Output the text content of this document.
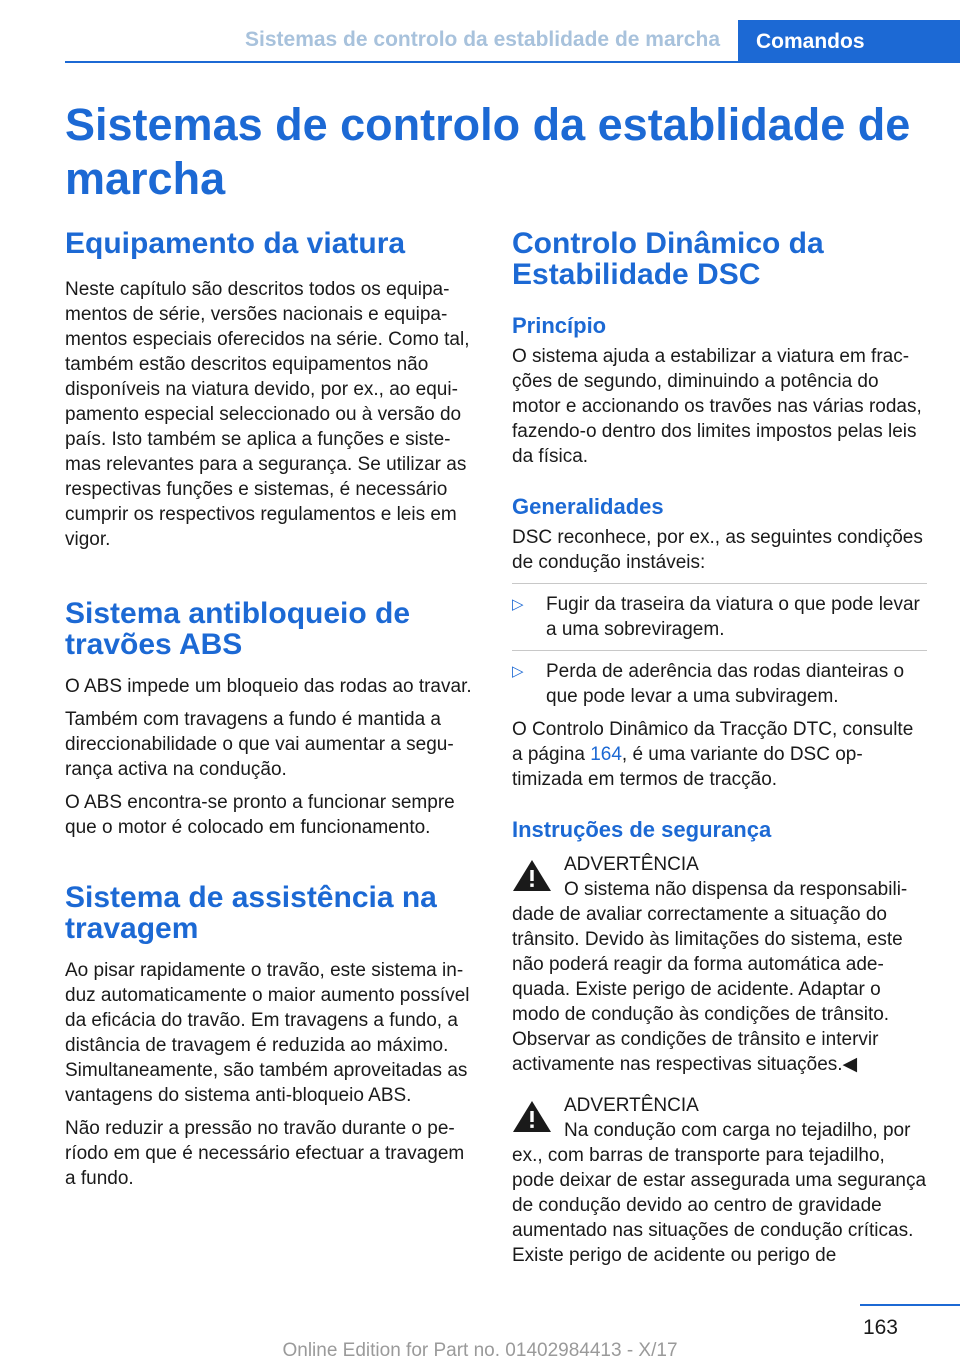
Sistemas de controlo da establidade de marcha	Comandos
Sistemas de controlo da establidade de marcha
Equipamento da viatura

Neste capítulo são descritos todos os equipamentos de série, versões nacionais e equipamentos especiais oferecidos na série. Como tal, também estão descritos equipamentos não disponíveis na viatura devido, por ex., ao equipamento especial seleccionado ou à versão do país. Isto também se aplica a funções e sistemas relevantes para a segurança. Se utilizar as respectivas funções e sistemas, é necessário cumprir os respectivos regulamentos e leis em vigor.

Sistema antibloqueio de travões ABS

O ABS impede um bloqueio das rodas ao travar.

Também com travagens a fundo é mantida a direccionabilidade o que vai aumentar a segurança activa na condução.

O ABS encontra-se pronto a funcionar sempre que o motor é colocado em funcionamento.

Sistema de assistência na travagem

Ao pisar rapidamente o travão, este sistema induz automaticamente o maior aumento possível da eficácia do travão. Em travagens a fundo, a distância de travagem é reduzida ao máximo. Simultaneamente, são também aproveitadas as vantagens do sistema anti-bloqueio ABS.

Não reduzir a pressão no travão durante o período em que é necessário efectuar a travagem a fundo.

Controlo Dinâmico da Estabilidade DSC
Princípio

O sistema ajuda a estabilizar a viatura em fracções de segundo, diminuindo a potência do motor e accionando os travões nas várias rodas, fazendo-o dentro dos limites impostos pelas leis da física.

Generalidades

DSC reconhece, por ex., as seguintes condições de condução instáveis:

▷ Fugir da traseira da viatura o que pode levar a uma sobreviragem.
▷ Perda de aderência das rodas dianteiras o que pode levar a uma subviragem.

O Controlo Dinâmico da Tracção DTC, consulte a página 164, é uma variante do DSC optimizada em termos de tracção.

Instruções de segurança

ADVERTÊNCIA

O sistema não dispensa da responsabilidade de avaliar correctamente a situação do trânsito. Devido às limitações do sistema, este não poderá reagir da forma automática adequada. Existe perigo de acidente. Adaptar o modo de condução às condições de trânsito. Observar as condições de trânsito e intervir activamente nas respectivas situações.◀

ADVERTÊNCIA

Na condução com carga no tejadilho, por ex., com barras de transporte para tejadilho, pode deixar de estar assegurada uma segurança de condução devido ao centro de gravidade aumentado nas situações de condução críticas. Existe perigo de acidente ou perigo de

163
Online Edition for Part no. 01402984413 - X/17
